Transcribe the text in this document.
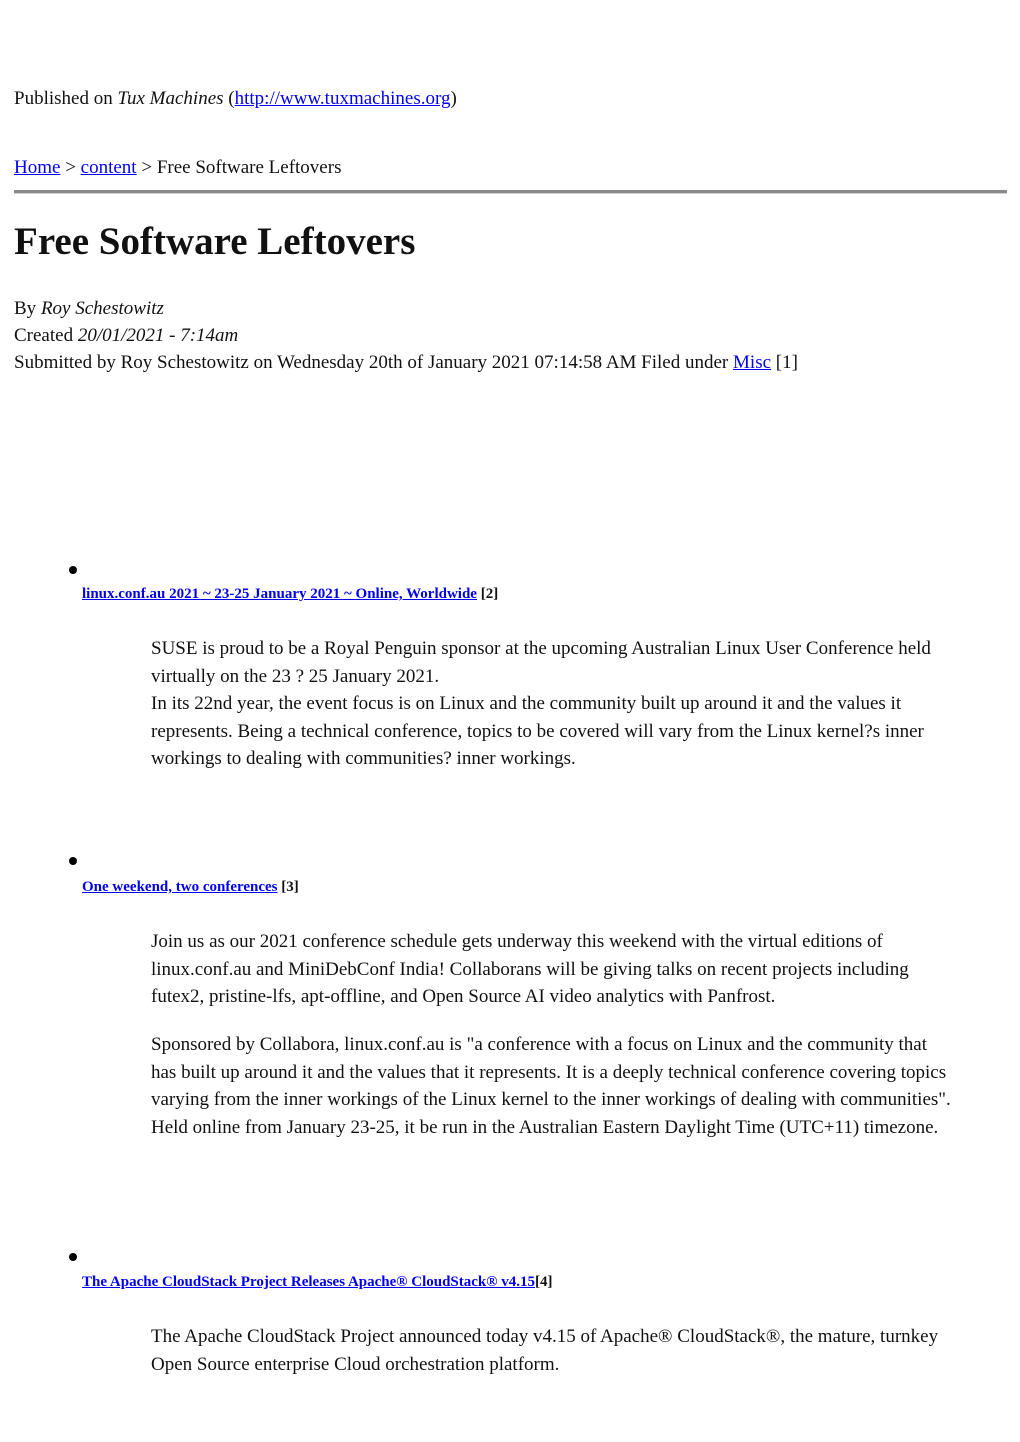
Published on Tux Machines (http://www.tuxmachines.org)
Home > content > Free Software Leftovers
Free Software Leftovers
By Roy Schestowitz
Created 20/01/2021 - 7:14am
Submitted by Roy Schestowitz on Wednesday 20th of January 2021 07:14:58 AM Filed under Misc [1]
linux.conf.au 2021 ~ 23-25 January 2021 ~ Online, Worldwide [2]

SUSE is proud to be a Royal Penguin sponsor at the upcoming Australian Linux User Conference held virtually on the 23 ? 25 January 2021.

In its 22nd year, the event focus is on Linux and the community built up around it and the values it represents. Being a technical conference, topics to be covered will vary from the Linux kernel?s inner workings to dealing with communities? inner workings.

One weekend, two conferences [3]

Join us as our 2021 conference schedule gets underway this weekend with the virtual editions of linux.conf.au and MiniDebConf India! Collaborans will be giving talks on recent projects including futex2, pristine-lfs, apt-offline, and Open Source AI video analytics with Panfrost.

Sponsored by Collabora, linux.conf.au is "a conference with a focus on Linux and the community that has built up around it and the values that it represents. It is a deeply technical conference covering topics varying from the inner workings of the Linux kernel to the inner workings of dealing with communities". Held online from January 23-25, it be run in the Australian Eastern Daylight Time (UTC+11) timezone.

The Apache CloudStack Project Releases Apache® CloudStack® v4.15[4]

The Apache CloudStack Project announced today v4.15 of Apache® CloudStack®, the mature, turnkey Open Source enterprise Cloud orchestration platform.
